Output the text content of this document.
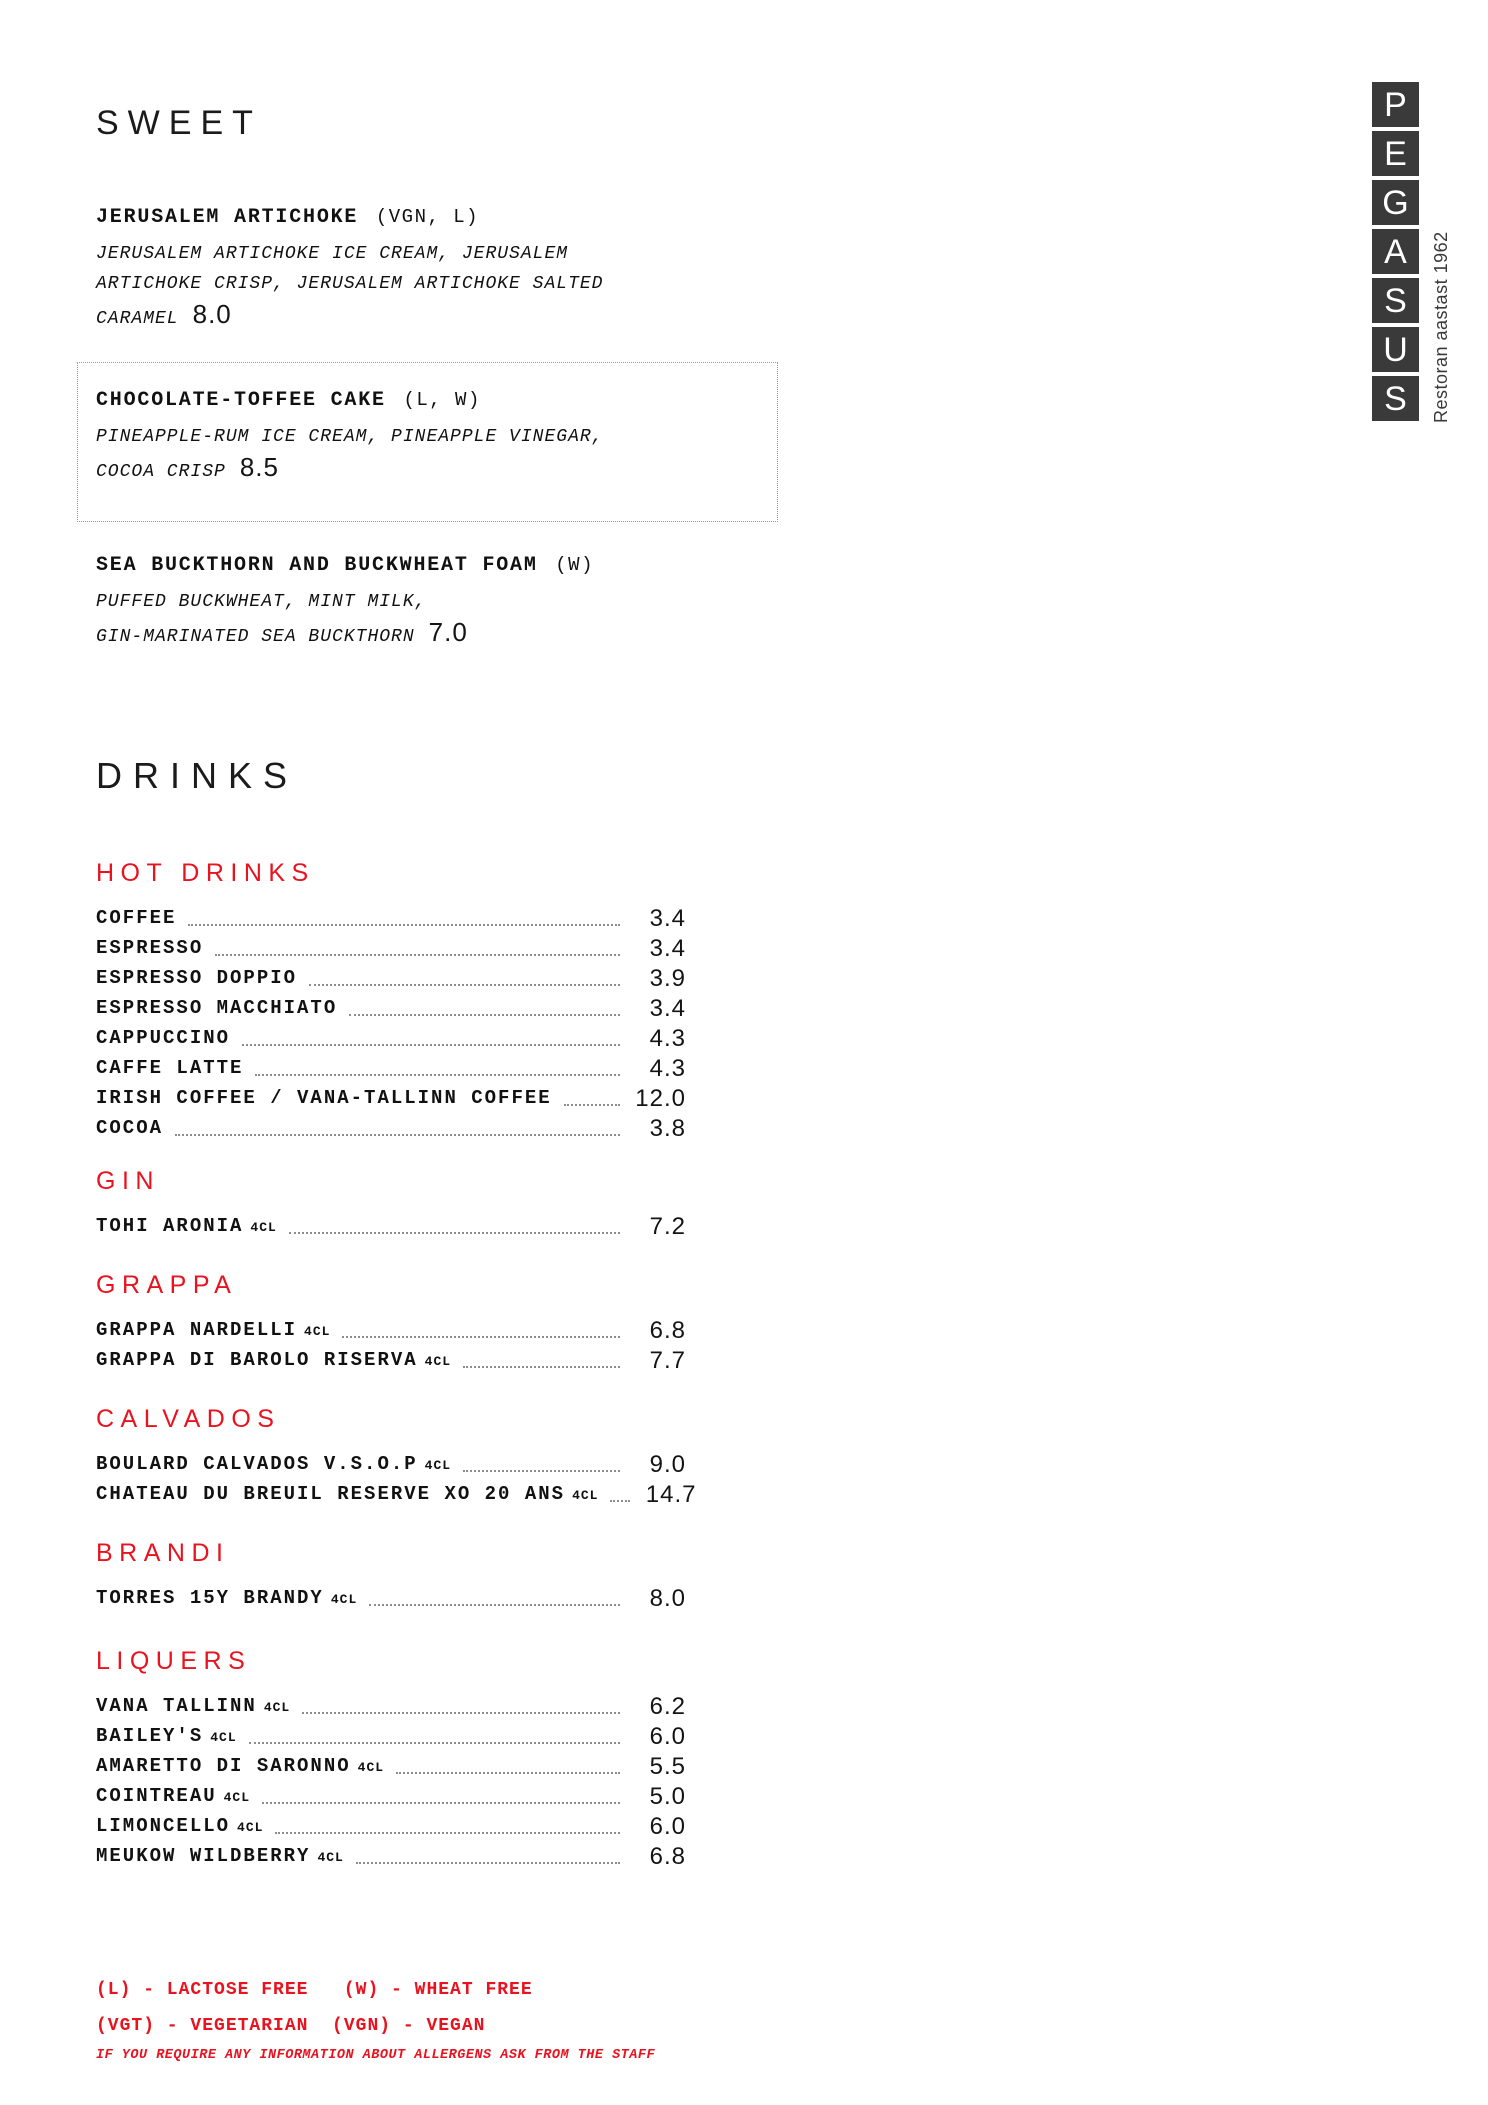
SWEET
JERUSALEM ARTICHOKE (VGN, L)
JERUSALEM ARTICHOKE ICE CREAM, JERUSALEM
ARTICHOKE CRISP, JERUSALEM ARTICHOKE SALTED
CARAMEL 8.0
CHOCOLATE-TOFFEE CAKE (L, W)
PINEAPPLE-RUM ICE CREAM, PINEAPPLE VINEGAR,
COCOA CRISP 8.5
SEA BUCKTHORN AND BUCKWHEAT FOAM (W)
PUFFED BUCKWHEAT, MINT MILK,
GIN-MARINATED SEA BUCKTHORN 7.0
DRINKS
HOT DRINKS
COFFEE	3.4
ESPRESSO	3.4
ESPRESSO DOPPIO	3.9
ESPRESSO MACCHIATO	3.4
CAPPUCCINO	4.3
CAFFE LATTE	4.3
IRISH COFFEE / VANA-TALLINN COFFEE	12.0
COCOA	3.8
GIN
TOHI ARONIA 4CL	7.2
GRAPPA
GRAPPA NARDELLI 4CL	6.8
GRAPPA DI BAROLO RISERVA 4CL	7.7
CALVADOS
BOULARD CALVADOS V.S.O.P 4CL	9.0
CHATEAU DU BREUIL RESERVE XO 20 ANS 4CL 14.7
BRANDI
TORRES 15Y BRANDY 4CL	8.0
LIQUERS
VANA TALLINN 4CL	6.2
BAILEY'S 4CL	6.0
AMARETTO DI SARONNO 4CL	5.5
COINTREAU 4CL	5.0
LIMONCELLO 4CL	6.0
MEUKOW WILDBERRY 4CL	6.8
(L) - LACTOSE FREE   (W) - WHEAT FREE
(VGT) - VEGETARIAN  (VGN) - VEGAN
IF YOU REQUIRE ANY INFORMATION ABOUT ALLERGENS ASK FROM THE STAFF
P
E
G
A
S
U
S	Restoran aastast 1962
